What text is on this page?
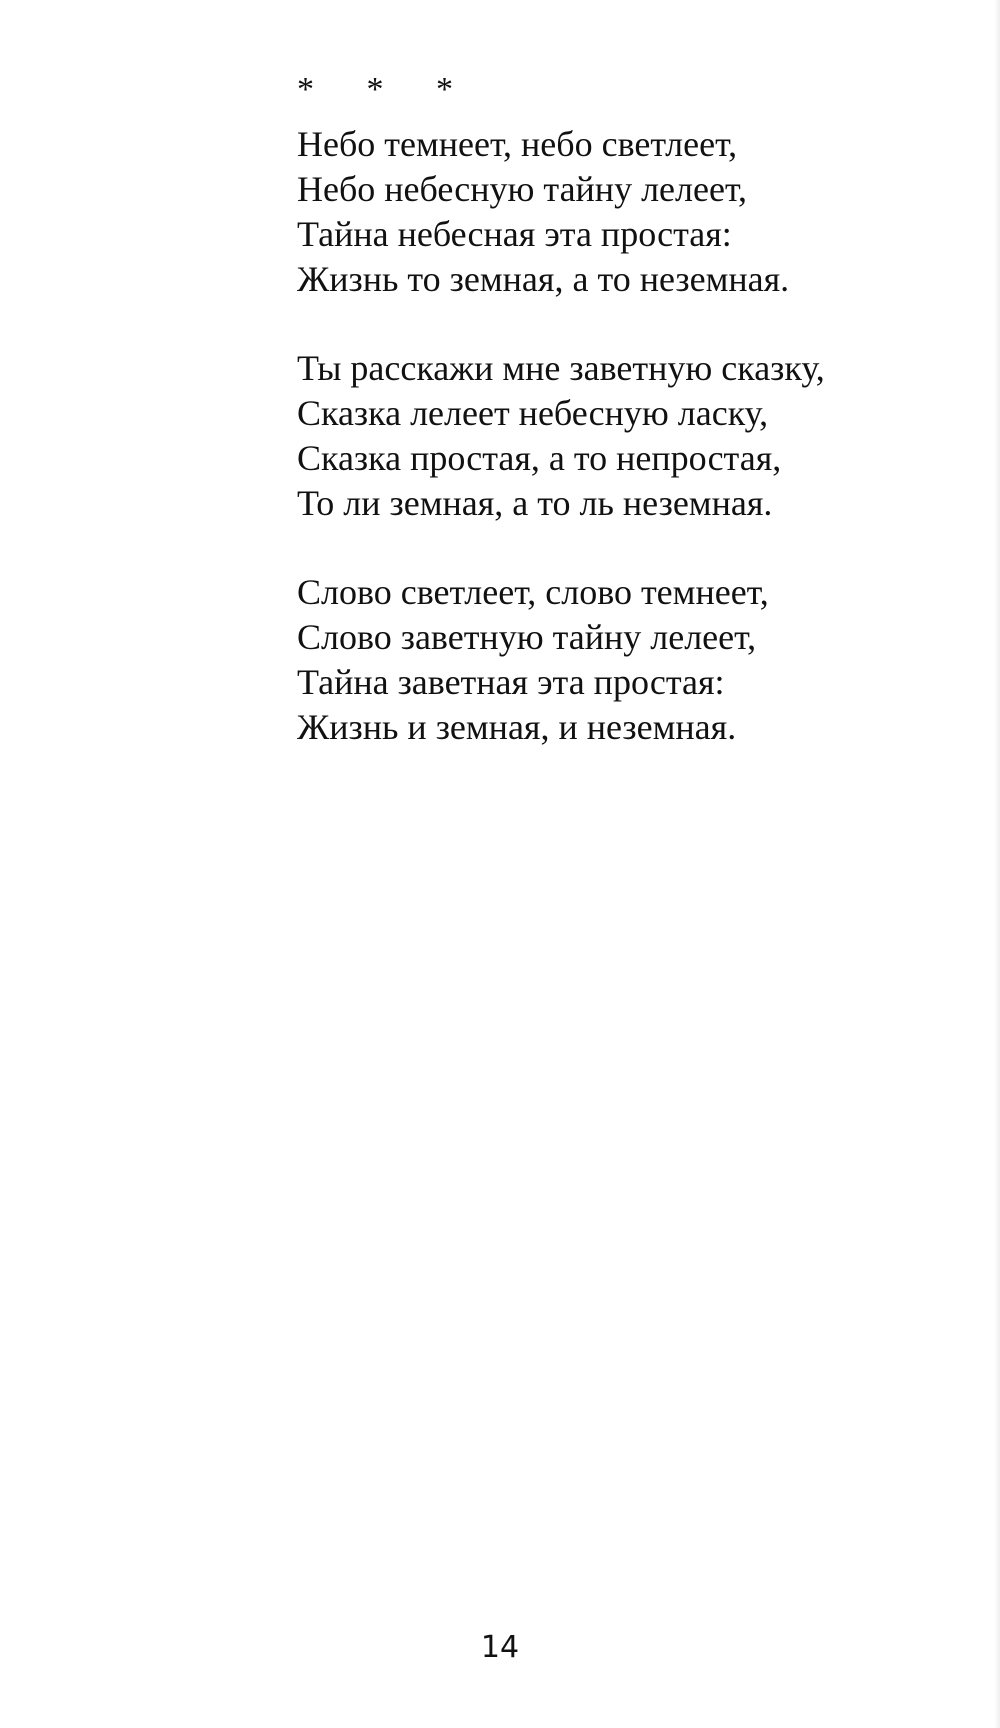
* * *
Небо темнеет, небо светлеет,
Небо небесную тайну лелеет,
Тайна небесная эта простая:
Жизнь то земная, а то неземная.
Ты расскажи мне заветную сказку,
Сказка лелеет небесную ласку,
Сказка простая, а то непростая,
То ли земная, а то ль неземная.
Слово светлеет, слово темнеет,
Слово заветную тайну лелеет,
Тайна заветная эта простая:
Жизнь и земная, и неземная.
14
